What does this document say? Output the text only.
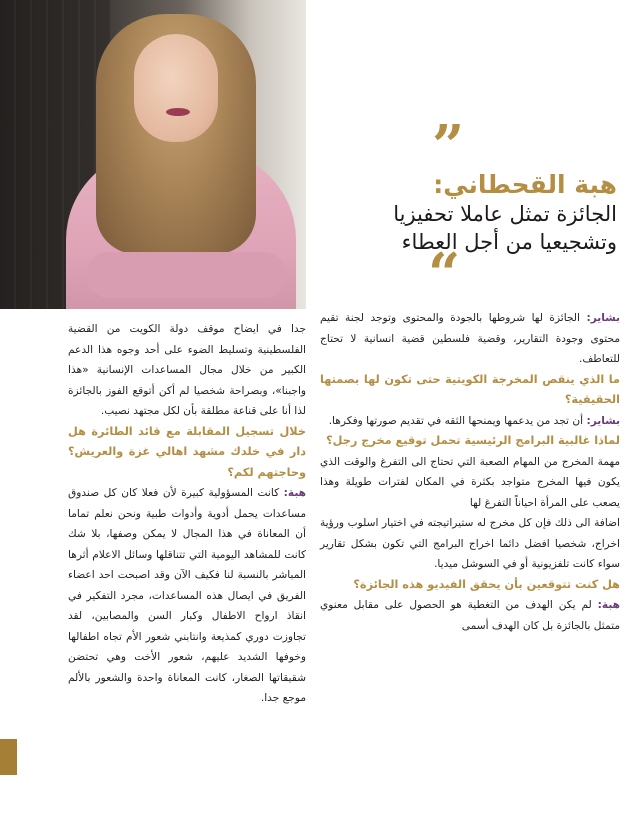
”
هبة القحطاني:
الجائزة تمثل عاملا تحفيزيا
وتشجيعيا من أجل العطاء
“

بشاير: الجائزة لها شروطها بالجودة والمحتوى وتوجد لجنة تقيم محتوى وجودة التقارير، وقضية فلسطين قضية انسانية لا تحتاج للتعاطف.

ما الذي ينقص المخرجة الكويتية حتى تكون لها بصمتها الحقيقية؟

بشاير: أن تجد من يدعمها ويمنحها الثقه في تقديم صورتها وفكرها.

لماذا غالبية البرامج الرئيسية تحمل توقيع مخرج رجل؟

مهمة المخرج من المهام الصعبة التي تحتاج الى التفرغ والوقت الذي يكون فيها المخرج متواجد بكثرة في المكان لفترات طويلة وهذا يصعب على المرأة احياناً التفرغ لها

اضافة الى ذلك فإن كل مخرج له ستيراتيجته في اختيار اسلوب ورؤية اخراج، شخصيا افضل دائما اخراج البرامج التي تكون بشكل تقارير سواء كانت تلفزيونية أو في السوشل ميديا.

هل كنت تتوقعين بأن يحقق الفيديو هذه الجائزة؟

هبة: لم يكن الهدف من التغطية هو الحصول على مقابل معنوي متمثل بالجائزة بل كان الهدف أسمى

جدا في ايضاح موقف دولة الكويت من القضية الفلسطينية وتسليط الضوء على أحد وجوه هذا الدعم الكبير من خلال مجال المساعدات الإنسانية «هذا واجبنا»، وبصراحة شخصيا لم أكن أتوقع الفوز بالجائزة لذا أنا على قناعة مطلقة بأن لكل مجتهد نصيب.

خلال تسجيل المقابلة مع قائد الطائرة هل دار في خلدك مشهد اهالي غزة والعريش؟ وحاجتهم لكم؟

هبة: كانت المسؤولية كبيرة لأن فعلا كان كل صندوق مساعدات يحمل أدوية وأدوات طبية ونحن نعلم تماما أن المعاناة في هذا المجال لا يمكن وصفها، بلا شك كانت للمشاهد اليومية التي تتناقلها وسائل الاعلام أثرها المباشر بالنسبة لنا فكيف الآن وقد اصبحت احد اعضاء الفريق في ايصال هذه المساعدات، مجرد التفكير في انقاذ ارواح الاطفال وكبار السن والمصابين، لقد تجاوزت دوري كمذيعة وانتابني شعور الأم تجاه اطفالها وخوفها الشديد عليهم، شعور الأخت وهي تحتضن شقيقاتها الصغار، كانت المعاناة واحدة والشعور بالألم موجع جدا.
